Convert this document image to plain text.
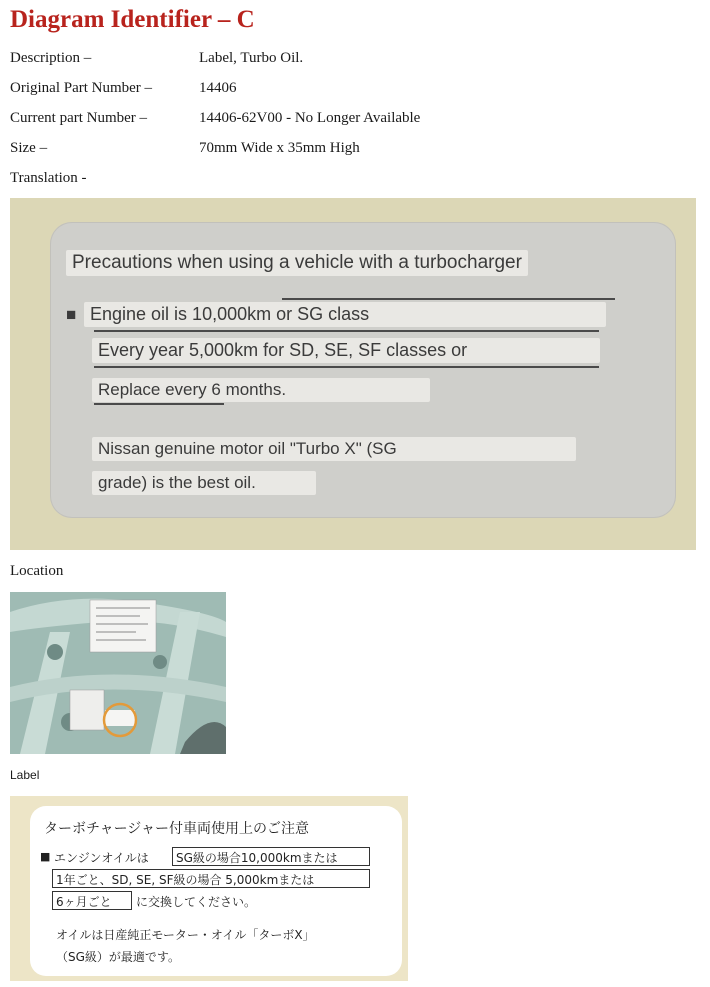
Diagram Identifier – C
Description –	Label, Turbo Oil.
Original Part Number –	14406
Current part Number –	14406-62V00 - No Longer Available
Size –	70mm Wide x 35mm High
Translation -
Precautions when using a vehicle with a turbocharger
■ Engine oil is 10,000km or SG class
Every year 5,000km for SD, SE, SF classes or
Replace every 6 months.
Nissan genuine motor oil "Turbo X" (SG
grade) is the best oil.
Location
Label
ターボチャージャー付車両使用上のご注意
■ エンジンオイルは SG級の場合10,000kmまたは
1年ごと、SD, SE, SF級の場合 5,000kmまたは
6ヶ月ごと に交換してください。
オイルは日産純正モーター・オイル「ターボX」
（SG級）が最適です。
